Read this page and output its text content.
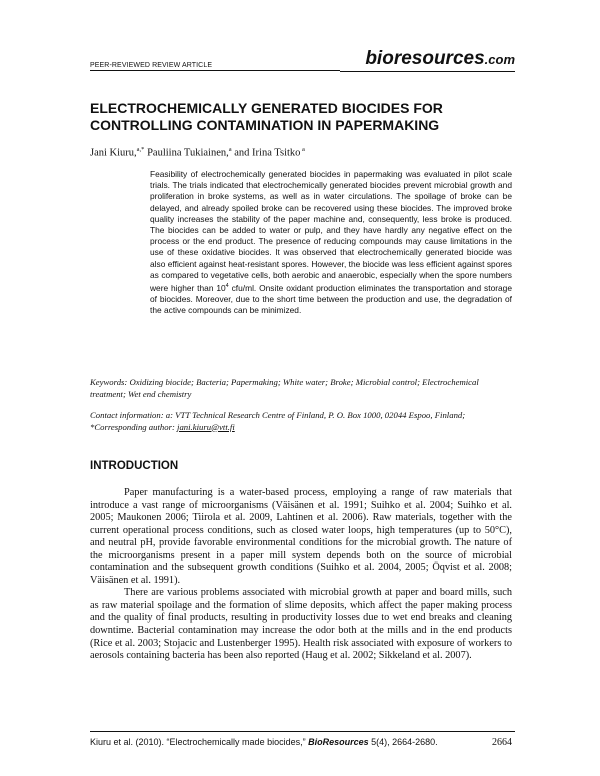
PEER-REVIEWED REVIEW ARTICLE	bioresources.com
ELECTROCHEMICALLY GENERATED BIOCIDES FOR
CONTROLLING CONTAMINATION IN PAPERMAKING
Jani Kiuru,$^{a,*}$ Pauliina Tukiainen,$^a$ and Irina Tsitko $^a$
Feasibility of electrochemically generated biocides in papermaking was evaluated in pilot scale trials. The trials indicated that electrochemically generated biocides prevent microbial growth and proliferation in broke systems, as well as in water circulations. The spoilage of broke can be delayed, and already spoiled broke can be recovered using these biocides. The improved broke quality increases the stability of the paper machine and, consequently, less broke is produced. The biocides can be added to water or pulp, and they have hardly any negative effect on the process or the end product. The presence of reducing compounds may cause limitations in the use of these oxidative biocides. It was observed that electrochemically generated biocide was also efficient against heat-resistant spores. However, the biocide was less efficient against spores as compared to vegetative cells, both aerobic and anaerobic, especially when the spore numbers were higher than $10^4$ cfu/ml. Onsite oxidant production eliminates the transportation and storage of biocides. Moreover, due to the short time between the production and use, the degradation of the active compounds can be minimized.
Keywords: Oxidizing biocide; Bacteria; Papermaking; White water; Broke; Microbial control; Electrochemical treatment; Wet end chemistry
Contact information: a: VTT Technical Research Centre of Finland, P. O. Box 1000, 02044 Espoo, Finland; *Corresponding author: jani.kiuru@vtt.fi
INTRODUCTION

Paper manufacturing is a water-based process, employing a range of raw materials that introduce a vast range of microorganisms (Väisänen et al. 1991; Suihko et al. 2004; Suihko et al. 2005; Maukonen 2006; Tiirola et al. 2009, Lahtinen et al. 2006). Raw materials, together with the current operational process conditions, such as closed water loops, high temperatures (up to 50°C), and neutral pH, provide favorable environmental conditions for the microbial growth. The nature of the microorganisms present in a paper mill system depends both on the source of microbial contamination and the subsequent growth conditions (Suihko et al. 2004, 2005; Öqvist et al. 2008; Väisänen et al. 1991).

There are various problems associated with microbial growth at paper and board mills, such as raw material spoilage and the formation of slime deposits, which affect the paper making process and the quality of final products, resulting in productivity losses due to wet end breaks and cleaning downtime. Bacterial contamination may increase the odor both at the mills and in the end products (Rice et al. 2003; Stojacic and Lustenberger 1995). Health risk associated with exposure of workers to aerosols containing bacteria has been also reported (Haug et al. 2002; Sikkeland et al. 2007).

Kiuru et al. (2010). “Electrochemically made biocides,” BioResources 5(4), 2664-2680.	2664
